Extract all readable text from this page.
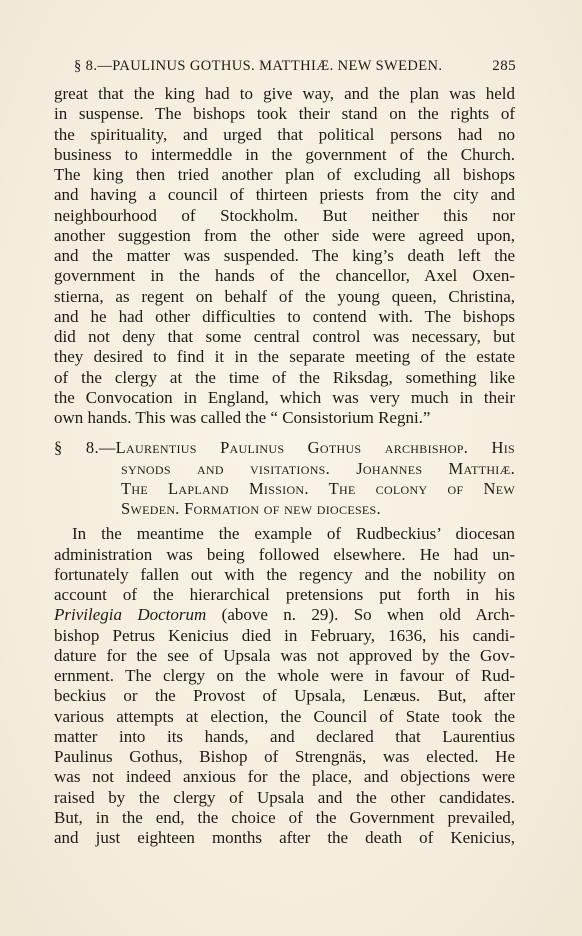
§ 8.—PAULINUS GOTHUS. MATTHIÆ. NEW SWEDEN.	285
great that the king had to give way, and the plan was held
in suspense. The bishops took their stand on the rights of
the spirituality, and urged that political persons had no
business to intermeddle in the government of the Church.
The king then tried another plan of excluding all bishops
and having a council of thirteen priests from the city and
neighbourhood of Stockholm. But neither this nor
another suggestion from the other side were agreed upon,
and the matter was suspended. The king’s death left the
government in the hands of the chancellor, Axel Oxen-
stierna, as regent on behalf of the young queen, Christina,
and he had other difficulties to contend with. The bishops
did not deny that some central control was necessary, but
they desired to find it in the separate meeting of the estate
of the clergy at the time of the Riksdag, something like
the Convocation in England, which was very much in their
own hands. This was called the “ Consistorium Regni.”
§ 8.—Laurentius Paulinus Gothus archbishop. His
synods and visitations. Johannes Matthiæ.
The Lapland Mission. The colony of New
Sweden. Formation of new dioceses.
In the meantime the example of Rudbeckius’ diocesan
administration was being followed elsewhere. He had un-
fortunately fallen out with the regency and the nobility on
account of the hierarchical pretensions put forth in his
Privilegia Doctorum (above n. 29). So when old Arch-
bishop Petrus Kenicius died in February, 1636, his candi-
dature for the see of Upsala was not approved by the Gov-
ernment. The clergy on the whole were in favour of Rud-
beckius or the Provost of Upsala, Lenæus. But, after
various attempts at election, the Council of State took the
matter into its hands, and declared that Laurentius
Paulinus Gothus, Bishop of Strengnäs, was elected. He
was not indeed anxious for the place, and objections were
raised by the clergy of Upsala and the other candidates.
But, in the end, the choice of the Government prevailed,
and just eighteen months after the death of Kenicius,
